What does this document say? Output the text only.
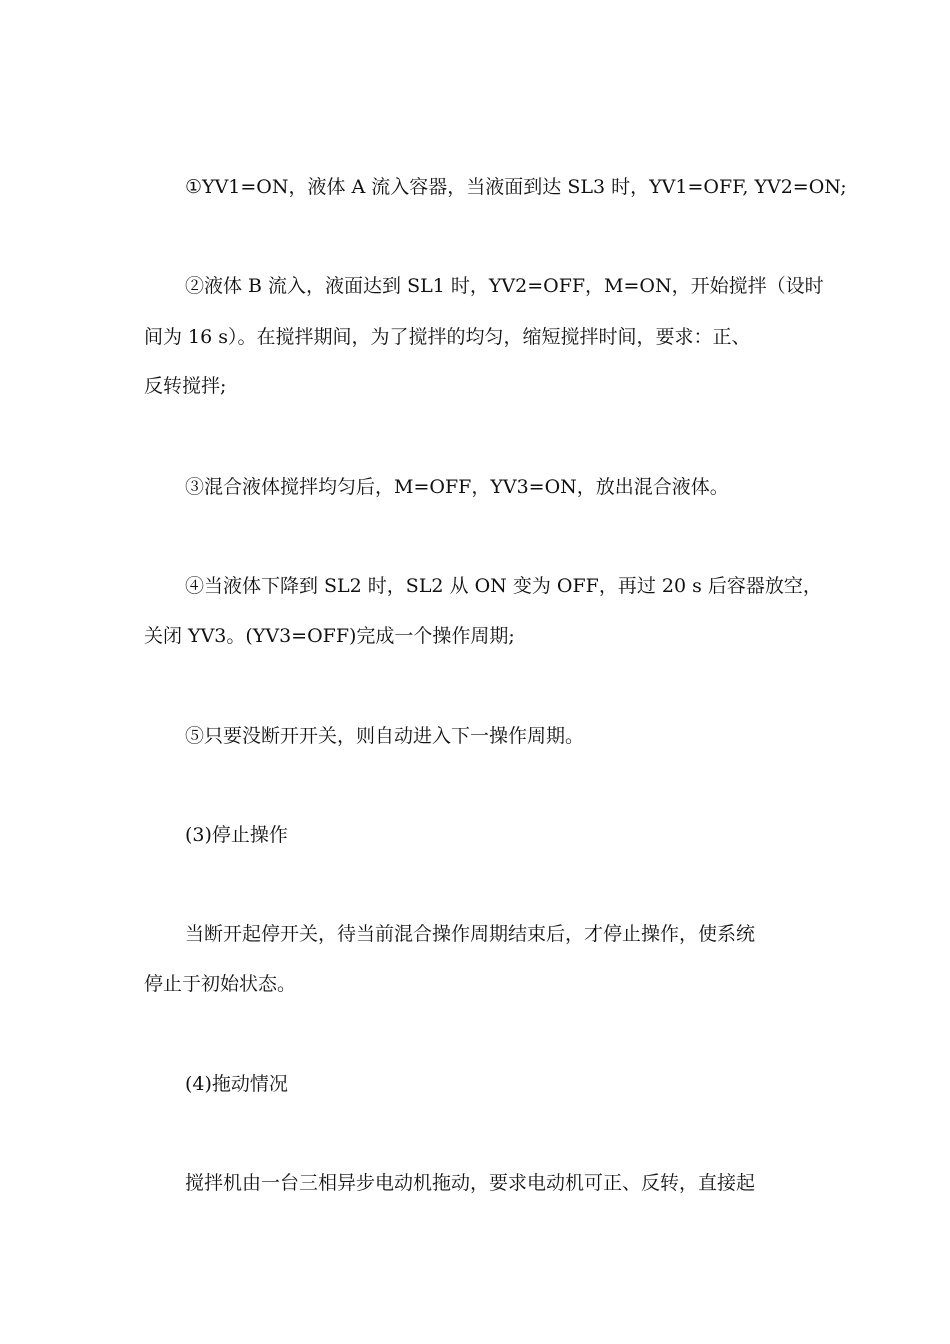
①YV1=ON，液体 A 流入容器，当液面到达 SL3 时，YV1=OFF, YV2=ON;

②液体 B 流入，液面达到 SL1 时，YV2=OFF，M=ON，开始搅拌（设时

间为 16 s）。在搅拌期间，为了搅拌的均匀，缩短搅拌时间，要求：正、

反转搅拌;

③混合液体搅拌均匀后，M=OFF，YV3=ON，放出混合液体。

④当液体下降到 SL2 时，SL2 从 ON 变为 OFF，再过 20 s 后容器放空，

关闭 YV3。(YV3=OFF)完成一个操作周期;

⑤只要没断开开关，则自动进入下一操作周期。

(3)停止操作

当断开起停开关，待当前混合操作周期结束后，才停止操作，使系统

停止于初始状态。

(4)拖动情况

搅拌机由一台三相异步电动机拖动，要求电动机可正、反转，直接起
